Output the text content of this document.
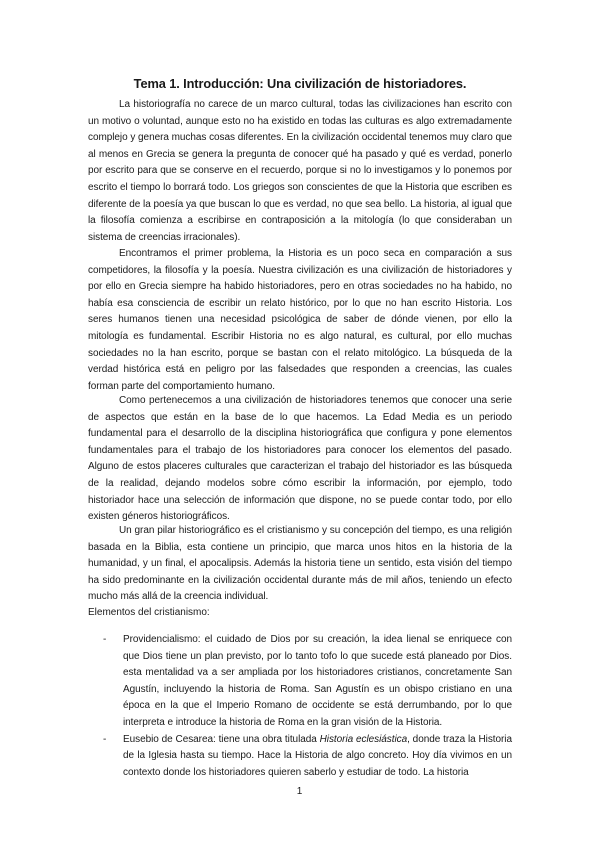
Tema 1. Introducción: Una civilización de historiadores.

La historiografía no carece de un marco cultural, todas las civilizaciones han escrito con un motivo o voluntad, aunque esto no ha existido en todas las culturas es algo extremadamente complejo y genera muchas cosas diferentes. En la civilización occidental tenemos muy claro que al menos en Grecia se genera la pregunta de conocer qué ha pasado y qué es verdad, ponerlo por escrito para que se conserve en el recuerdo, porque si no lo investigamos y lo ponemos por escrito el tiempo lo borrará todo. Los griegos son conscientes de que la Historia que escriben es diferente de la poesía ya que buscan lo que es verdad, no que sea bello. La historia, al igual que la filosofía comienza a escribirse en contraposición a la mitología (lo que consideraban un sistema de creencias irracionales).

Encontramos el primer problema, la Historia es un poco seca en comparación a sus competidores, la filosofía y la poesía. Nuestra civilización es una civilización de historiadores y por ello en Grecia siempre ha habido historiadores, pero en otras sociedades no ha habido, no había esa consciencia de escribir un relato histórico, por lo que no han escrito Historia. Los seres humanos tienen una necesidad psicológica de saber de dónde vienen, por ello la mitología es fundamental. Escribir Historia no es algo natural, es cultural, por ello muchas sociedades no la han escrito, porque se bastan con el relato mitológico. La búsqueda de la verdad histórica está en peligro por las falsedades que responden a creencias, las cuales forman parte del comportamiento humano.

Como pertenecemos a una civilización de historiadores tenemos que conocer una serie de aspectos que están en la base de lo que hacemos. La Edad Media es un periodo fundamental para el desarrollo de la disciplina historiográfica que configura y pone elementos fundamentales para el trabajo de los historiadores para conocer los elementos del pasado. Alguno de estos placeres culturales que caracterizan el trabajo del historiador es las búsqueda de la realidad, dejando modelos sobre cómo escribir la información, por ejemplo, todo historiador hace una selección de información que dispone, no se puede contar todo, por ello existen géneros historiográficos.

Un gran pilar historiográfico es el cristianismo y su concepción del tiempo, es una religión basada en la Biblia, esta contiene un principio, que marca unos hitos en la historia de la humanidad, y un final, el apocalipsis. Además la historia tiene un sentido, esta visión del tiempo ha sido predominante en la civilización occidental durante más de mil años, teniendo un efecto mucho más allá de la creencia individual.

Elementos del cristianismo:

- Providencialismo: el cuidado de Dios por su creación, la idea lienal se enriquece con que Dios tiene un plan previsto, por lo tanto tofo lo que sucede está planeado por Dios. esta mentalidad va a ser ampliada por los historiadores cristianos, concretamente San Agustín, incluyendo la historia de Roma. San Agustín es un obispo cristiano en una época en la que el Imperio Romano de occidente se está derrumbando, por lo que interpreta e introduce la historia de Roma en la gran visión de la Historia.
- Eusebio de Cesarea: tiene una obra titulada Historia eclesiástica, donde traza la Historia de la Iglesia hasta su tiempo. Hace la Historia de algo concreto. Hoy día vivimos en un contexto donde los historiadores quieren saberlo y estudiar de todo. La historia

1
